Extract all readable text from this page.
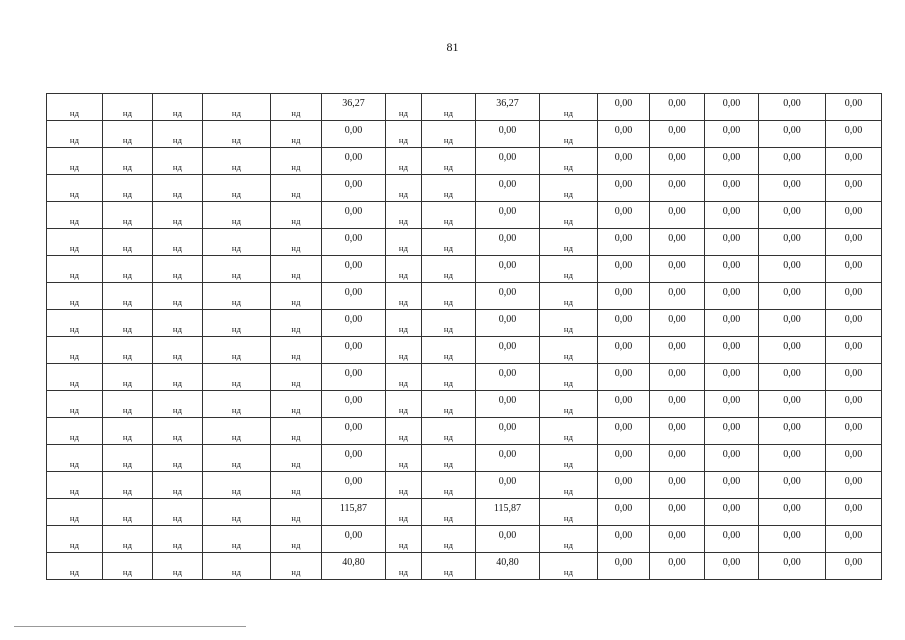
81
нд	нд	нд	нд	нд	36,27	нд	нд	36,27	нд	0,00	0,00	0,00	0,00	0,00

нд	нд	нд	нд	нд	0,00	нд	нд	0,00	нд	0,00	0,00	0,00	0,00	0,00

нд	нд	нд	нд	нд	0,00	нд	нд	0,00	нд	0,00	0,00	0,00	0,00	0,00

нд	нд	нд	нд	нд	0,00	нд	нд	0,00	нд	0,00	0,00	0,00	0,00	0,00

нд	нд	нд	нд	нд	0,00	нд	нд	0,00	нд	0,00	0,00	0,00	0,00	0,00

нд	нд	нд	нд	нд	0,00	нд	нд	0,00	нд	0,00	0,00	0,00	0,00	0,00

нд	нд	нд	нд	нд	0,00	нд	нд	0,00	нд	0,00	0,00	0,00	0,00	0,00

нд	нд	нд	нд	нд	0,00	нд	нд	0,00	нд	0,00	0,00	0,00	0,00	0,00

нд	нд	нд	нд	нд	0,00	нд	нд	0,00	нд	0,00	0,00	0,00	0,00	0,00

нд	нд	нд	нд	нд	0,00	нд	нд	0,00	нд	0,00	0,00	0,00	0,00	0,00

нд	нд	нд	нд	нд	0,00	нд	нд	0,00	нд	0,00	0,00	0,00	0,00	0,00

нд	нд	нд	нд	нд	0,00	нд	нд	0,00	нд	0,00	0,00	0,00	0,00	0,00

нд	нд	нд	нд	нд	0,00	нд	нд	0,00	нд	0,00	0,00	0,00	0,00	0,00

нд	нд	нд	нд	нд	0,00	нд	нд	0,00	нд	0,00	0,00	0,00	0,00	0,00

нд	нд	нд	нд	нд	0,00	нд	нд	0,00	нд	0,00	0,00	0,00	0,00	0,00

нд	нд	нд	нд	нд	115,87	нд	нд	115,87	нд	0,00	0,00	0,00	0,00	0,00

нд	нд	нд	нд	нд	0,00	нд	нд	0,00	нд	0,00	0,00	0,00	0,00	0,00

нд	нд	нд	нд	нд	40,80	нд	нд	40,80	нд	0,00	0,00	0,00	0,00	0,00
